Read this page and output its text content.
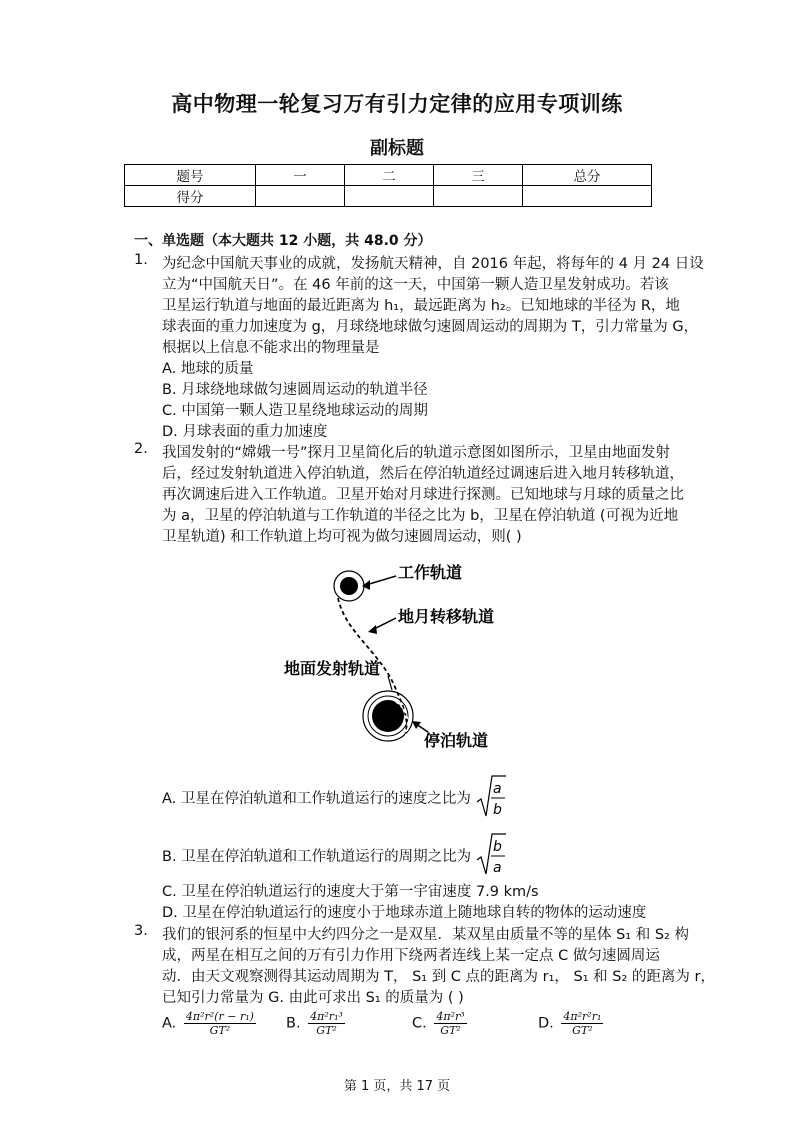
高中物理一轮复习万有引力定律的应用专项训练
副标题
题号	一	二	三	总分
得分				
一、单选题（本大题共 12 小题，共 48.0 分）
1. 为纪念中国航天事业的成就，发扬航天精神，自 2016 年起，将每年的 4 月 24 日设
立为“中国航天日”。在 46 年前的这一天，中国第一颗人造卫星发射成功。若该
卫星运行轨道与地面的最近距离为 h₁，最远距离为 h₂。已知地球的半径为 R，地
球表面的重力加速度为 g，月球绕地球做匀速圆周运动的周期为 T，引力常量为 G，
根据以上信息不能求出的物理量是
A. 地球的质量
B. 月球绕地球做匀速圆周运动的轨道半径
C. 中国第一颗人造卫星绕地球运动的周期
D. 月球表面的重力加速度
2. 我国发射的“嫦娥一号”探月卫星简化后的轨道示意图如图所示，卫星由地面发射
后，经过发射轨道进入停泊轨道，然后在停泊轨道经过调速后进入地月转移轨道，
再次调速后进入工作轨道。卫星开始对月球进行探测。已知地球与月球的质量之比
为 a，卫星的停泊轨道与工作轨道的半径之比为 b，卫星在停泊轨道 (可视为近地
卫星轨道) 和工作轨道上均可视为做匀速圆周运动，则( )
工作轨道
地月转移轨道
地面发射轨道
停泊轨道
A. 卫星在停泊轨道和工作轨道运行的速度之比为
a
b
B. 卫星在停泊轨道和工作轨道运行的周期之比为
b
a
C. 卫星在停泊轨道运行的速度大于第一宇宙速度 7.9 km/s
D. 卫星在停泊轨道运行的速度小于地球赤道上随地球自转的物体的运动速度
3. 我们的银河系的恒星中大约四分之一是双星．某双星由质量不等的星体 S₁ 和 S₂ 构
成，两星在相互之间的万有引力作用下绕两者连线上某一定点 C 做匀速圆周运
动．由天文观察测得其运动周期为 T， S₁ 到 C 点的距离为 r₁， S₁ 和 S₂ 的距离为 r，
已知引力常量为 G. 由此可求出 S₁ 的质量为 ( )
A. $\frac{\text{4π²r²(r − r₁)}}{\text{GT²}} B$. $\frac{\text{4π²r₁³}}{\text{GT²}}$	C. $\frac{\text{4π²r³}}{\text{GT²}}$	D. $\frac{\text{4π²r²r₁}}{\text{GT²}}$
第 1 页，共 17 页
